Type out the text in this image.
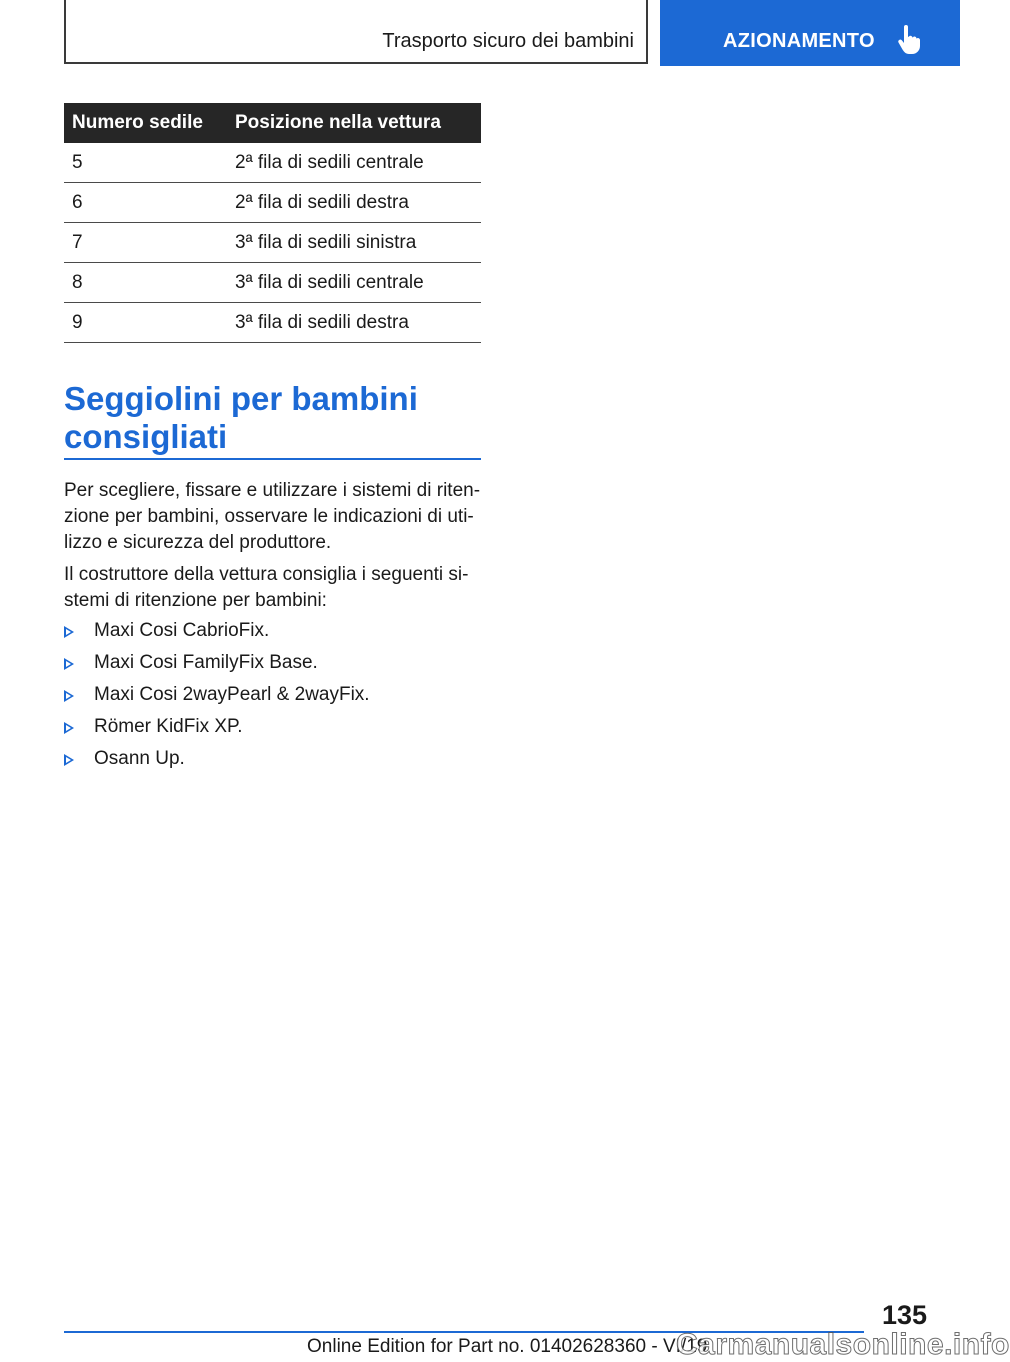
Trasporto sicuro dei bambini	AZIONAMENTO
Numero sedile	Posizione nella vettura
5	2ª fila di sedili centrale
6	2ª fila di sedili destra
7	3ª fila di sedili sinistra
8	3ª fila di sedili centrale
9	3ª fila di sedili destra
Seggiolini per bambini consigliati

Per scegliere, fissare e utilizzare i sistemi di riten-zione per bambini, osservare le indicazioni di uti-lizzo e sicurezza del produttore.

Il costruttore della vettura consiglia i seguenti si-stemi di ritenzione per bambini:

Maxi Cosi CabrioFix.
Maxi Cosi FamilyFix Base.
Maxi Cosi 2wayPearl & 2wayFix.
Römer KidFix XP.
Osann Up.
135
Online Edition for Part no. 01402628360 - VI/19
Carmanualsonline.info
